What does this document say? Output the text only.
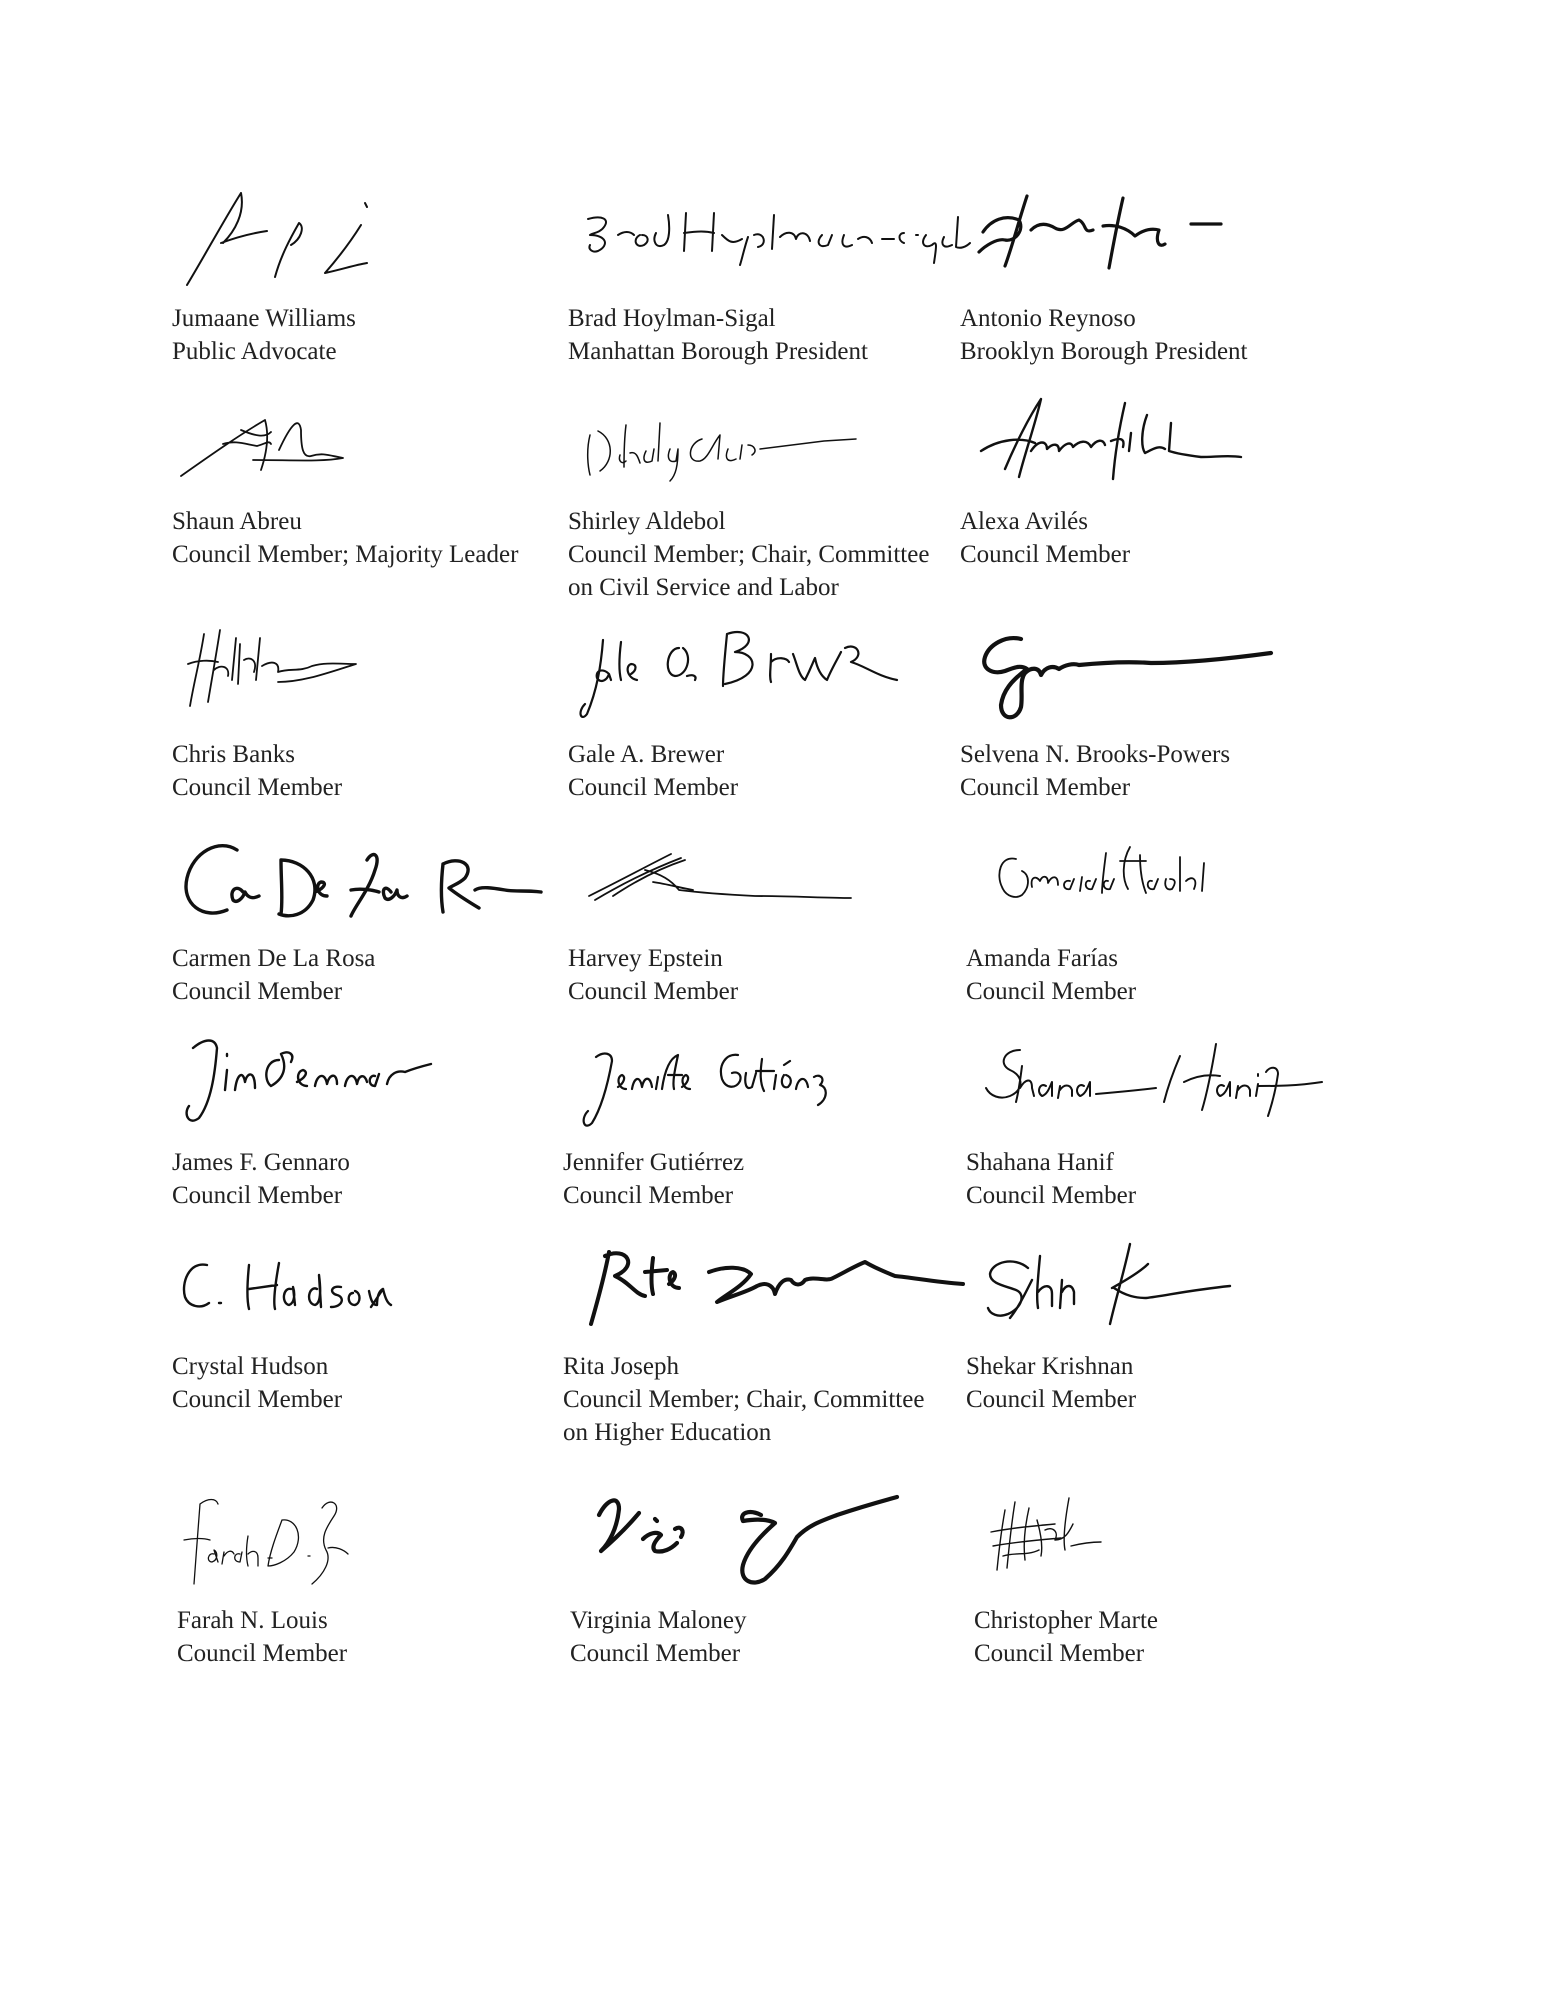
Jumaane Williams
Public Advocate
Brad Hoylman-Sigal
Manhattan Borough President
Antonio Reynoso
Brooklyn Borough President
Shaun Abreu
Council Member; Majority Leader
Shirley Aldebol
Council Member; Chair, Committee on Civil Service and Labor
Alexa Avilés
Council Member
Chris Banks
Council Member
Gale A. Brewer
Council Member
Selvena N. Brooks-Powers
Council Member
Carmen De La Rosa
Council Member
Harvey Epstein
Council Member
Amanda Farías
Council Member
James F. Gennaro
Council Member
Jennifer Gutiérrez
Council Member
Shahana Hanif
Council Member
Crystal Hudson
Council Member
Rita Joseph
Council Member; Chair, Committee on Higher Education
Shekar Krishnan
Council Member
Farah N. Louis
Council Member
Virginia Maloney
Council Member
Christopher Marte
Council Member
